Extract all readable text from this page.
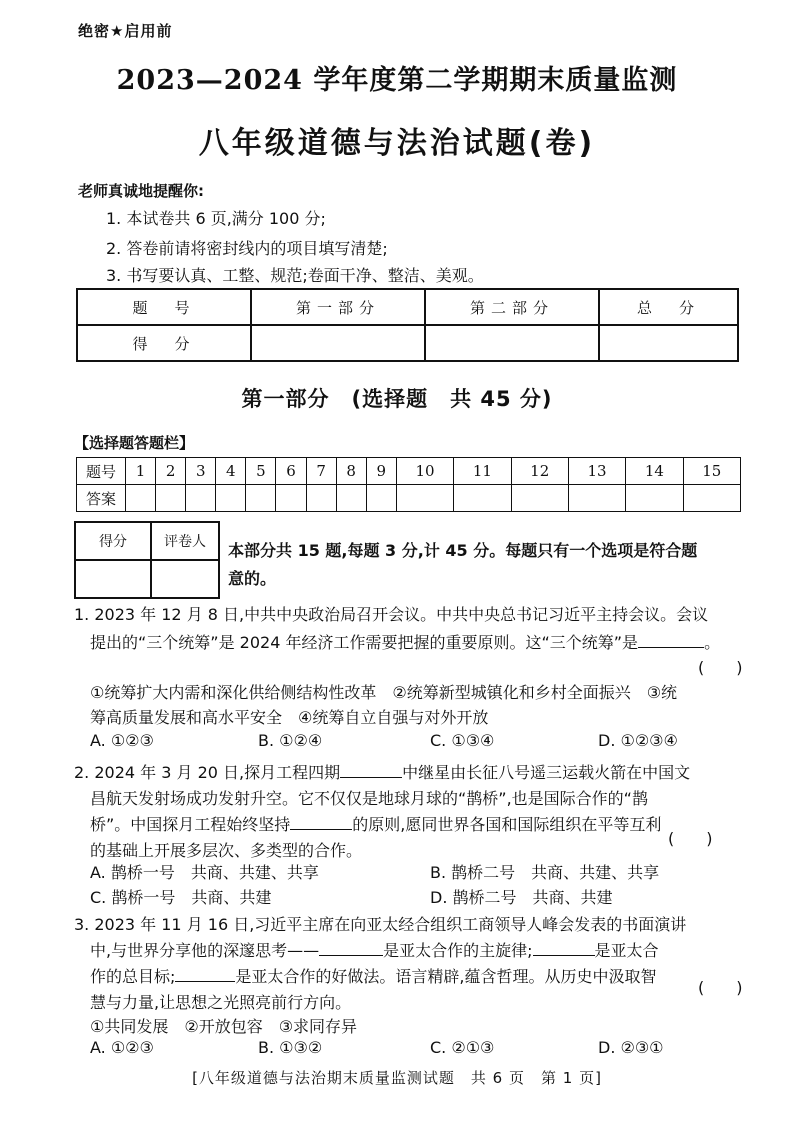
绝密★启用前
2023—2024 学年度第二学期期末质量监测
八年级道德与法治试题(卷)
老师真诚地提醒你:
1. 本试卷共 6 页,满分 100 分;
2. 答卷前请将密封线内的项目填写清楚;
3. 书写要认真、工整、规范;卷面干净、整洁、美观。
题　号	第一部分	第二部分	总　分
得　分			
第一部分　(选择题　共 45 分)
【选择题答题栏】
题号	1	2	3	4	5	6	7	8	9	10	11	12	13	14	15
答案															
得分	评卷人
	本部分共 15 题,每题 3 分,计 45 分。每题只有一个选项是符合题
意的。
1. 2023 年 12 月 8 日,中共中央政治局召开会议。中共中央总书记习近平主持会议。会议
提出的“三个统筹”是 2024 年经济工作需要把握的重要原则。这“三个统筹”是	。
(　　)
①统筹扩大内需和深化供给侧结构性改革　②统筹新型城镇化和乡村全面振兴　③统
筹高质量发展和高水平安全　④统筹自立自强与对外开放
A. ①②③	B. ①②④	C. ①③④	D. ①②③④
2. 2024 年 3 月 20 日,探月工程四期	中继星由长征八号遥三运载火箭在中国文
昌航天发射场成功发射升空。它不仅仅是地球月球的“鹊桥”,也是国际合作的“鹊
桥”。中国探月工程始终坚持	的原则,愿同世界各国和国际组织在平等互利
的基础上开展多层次、多类型的合作。
(　　)
A. 鹊桥一号　共商、共建、共享	B. 鹊桥二号　共商、共建、共享
C. 鹊桥一号　共商、共建	D. 鹊桥二号　共商、共建
3. 2023 年 11 月 16 日,习近平主席在向亚太经合组织工商领导人峰会发表的书面演讲
中,与世界分享他的深邃思考——	是亚太合作的主旋律;	是亚太合
作的总目标;	是亚太合作的好做法。语言精辟,蕴含哲理。从历史中汲取智
慧与力量,让思想之光照亮前行方向。
(　　)
①共同发展　②开放包容　③求同存异
A. ①②③	B. ①③②	C. ②①③	D. ②③①
[八年级道德与法治期末质量监测试题　共 6 页　第 1 页]
